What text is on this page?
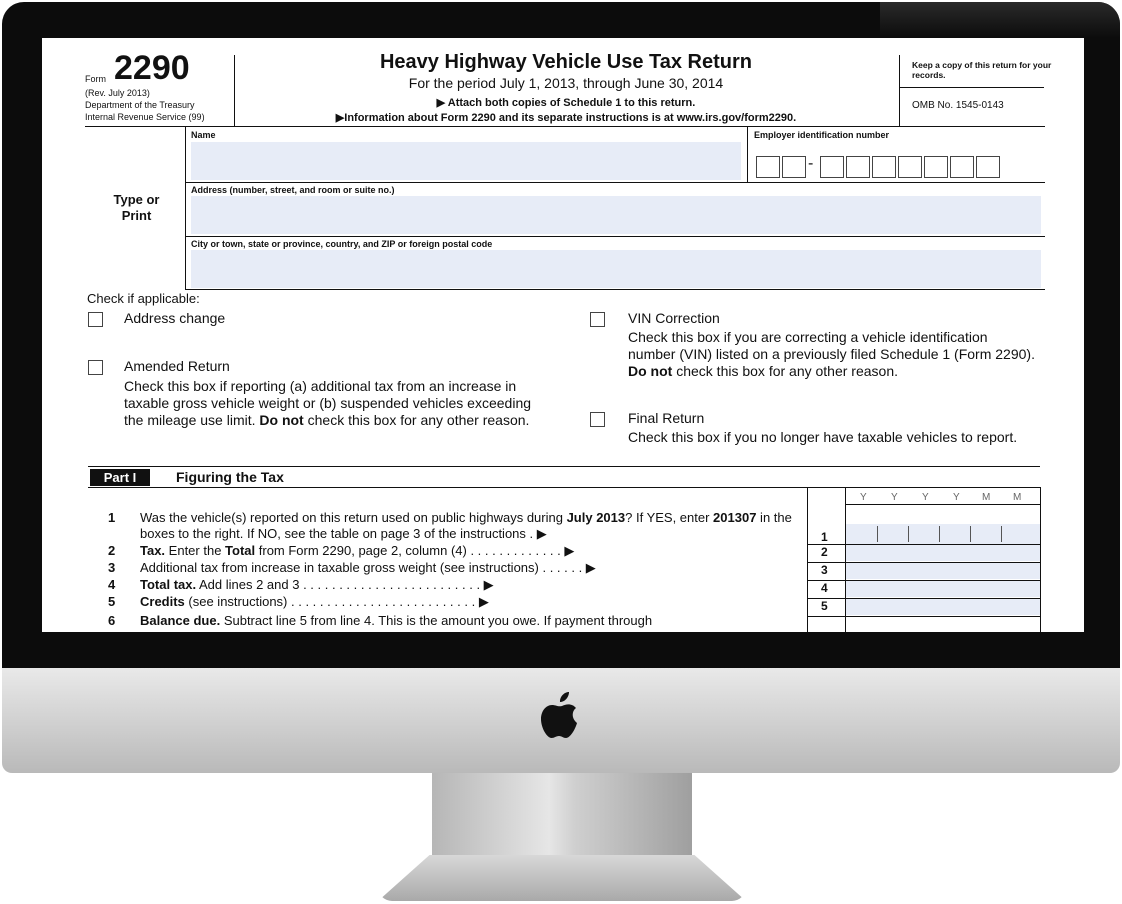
Form 2290
(Rev. July 2013)
Department of the Treasury
Internal Revenue Service (99)
Heavy Highway Vehicle Use Tax Return
For the period July 1, 2013, through June 30, 2014
▶ Attach both copies of Schedule 1 to this return.
▶Information about Form 2290 and its separate instructions is at www.irs.gov/form2290.
Keep a copy of this return for your records.
OMB No. 1545-0143
Type or Print
Name	Employer identification number
-
Address (number, street, and room or suite no.)
City or town, state or province, country, and ZIP or foreign postal code
Check if applicable:
Address change
Amended Return
Check this box if reporting (a) additional tax from an increase in taxable gross vehicle weight or (b) suspended vehicles exceeding the mileage use limit. Do not check this box for any other reason.
VIN Correction
Check this box if you are correcting a vehicle identification number (VIN) listed on a previously filed Schedule 1 (Form 2290). Do not check this box for any other reason.
Final Return
Check this box if you no longer have taxable vehicles to report.
Part I	Figuring the Tax
Y Y Y Y M M
1 Was the vehicle(s) reported on this return used on public highways during July 2013? If YES, enter 201307 in the boxes to the right. If NO, see the table on page 3 of the instructions . ▶	1
2 Tax. Enter the Total from Form 2290, page 2, column (4) . . . . . . . . . . . . . ▶	2
3 Additional tax from increase in taxable gross weight (see instructions) . . . . . . ▶	3
4 Total tax. Add lines 2 and 3 . . . . . . . . . . . . . . . . . . . . . . . . . ▶	4
5 Credits (see instructions) . . . . . . . . . . . . . . . . . . . . . . . . . . ▶	5
6 Balance due. Subtract line 5 from line 4. This is the amount you owe. If payment through
